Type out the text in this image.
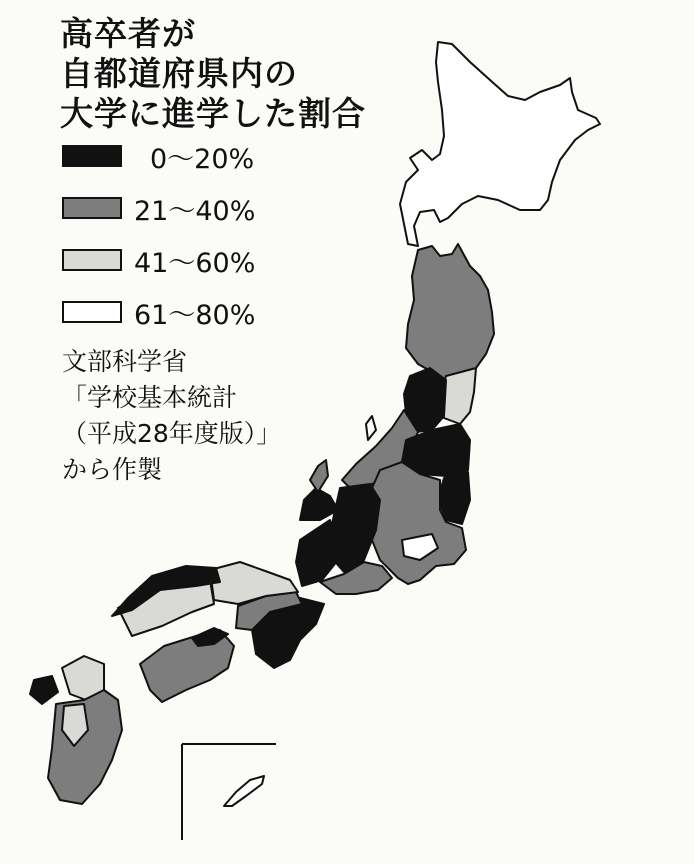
高卒者が
自都道府県内の
大学に進学した割合
0〜20%
21〜40%
41〜60%
61〜80%
文部科学省
「学校基本統計
（平成28年度版）」
から作製
